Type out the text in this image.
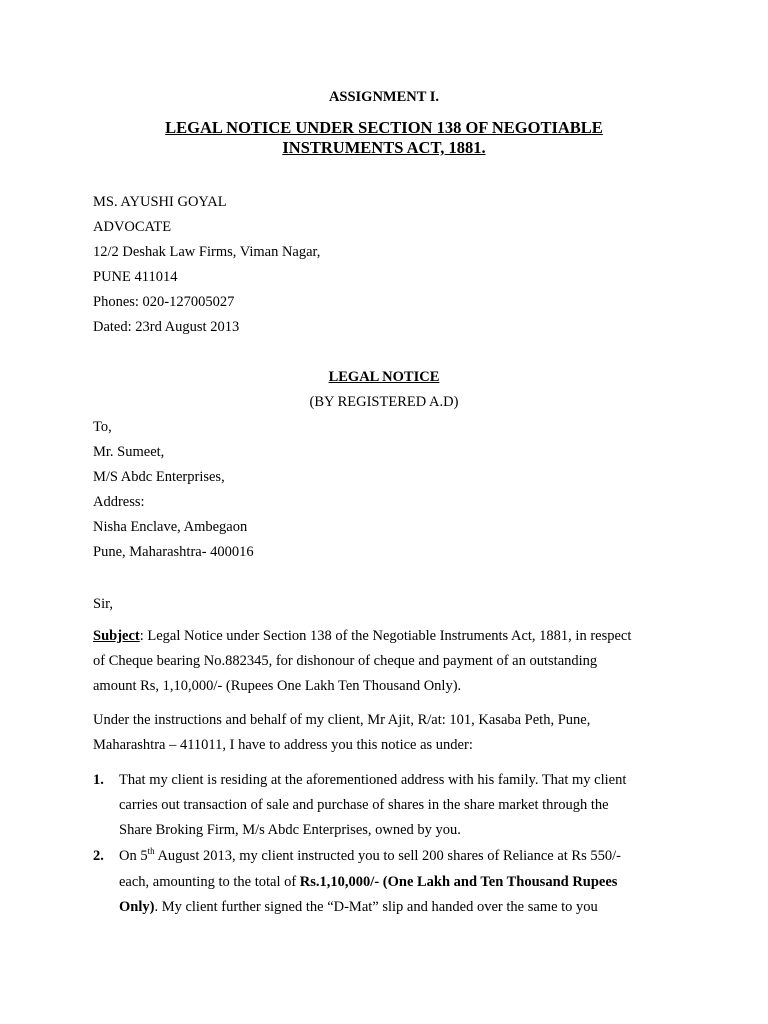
ASSIGNMENT I.
LEGAL NOTICE UNDER SECTION 138 OF NEGOTIABLE
INSTRUMENTS ACT, 1881.
MS. AYUSHI GOYAL
ADVOCATE
12/2 Deshak Law Firms, Viman Nagar,
PUNE 411014
Phones: 020-127005027
Dated: 23rd August 2013
LEGAL NOTICE
(BY REGISTERED A.D)
To,
Mr. Sumeet,
M/S Abdc Enterprises,
Address:
Nisha Enclave, Ambegaon
Pune, Maharashtra- 400016
Sir,
Subject: Legal Notice under Section 138 of the Negotiable Instruments Act, 1881, in respect
of Cheque bearing No.882345, for dishonour of cheque and payment of an outstanding
amount Rs, 1,10,000/- (Rupees One Lakh Ten Thousand Only).
Under the instructions and behalf of my client, Mr Ajit, R/at: 101, Kasaba Peth, Pune,
Maharashtra – 411011, I have to address you this notice as under:
1. That my client is residing at the aforementioned address with his family. That my client
carries out transaction of sale and purchase of shares in the share market through the
Share Broking Firm, M/s Abdc Enterprises, owned by you.
2. On 5th August 2013, my client instructed you to sell 200 shares of Reliance at Rs 550/-
each, amounting to the total of Rs.1,10,000/- (One Lakh and Ten Thousand Rupees
Only). My client further signed the “D-Mat” slip and handed over the same to you
